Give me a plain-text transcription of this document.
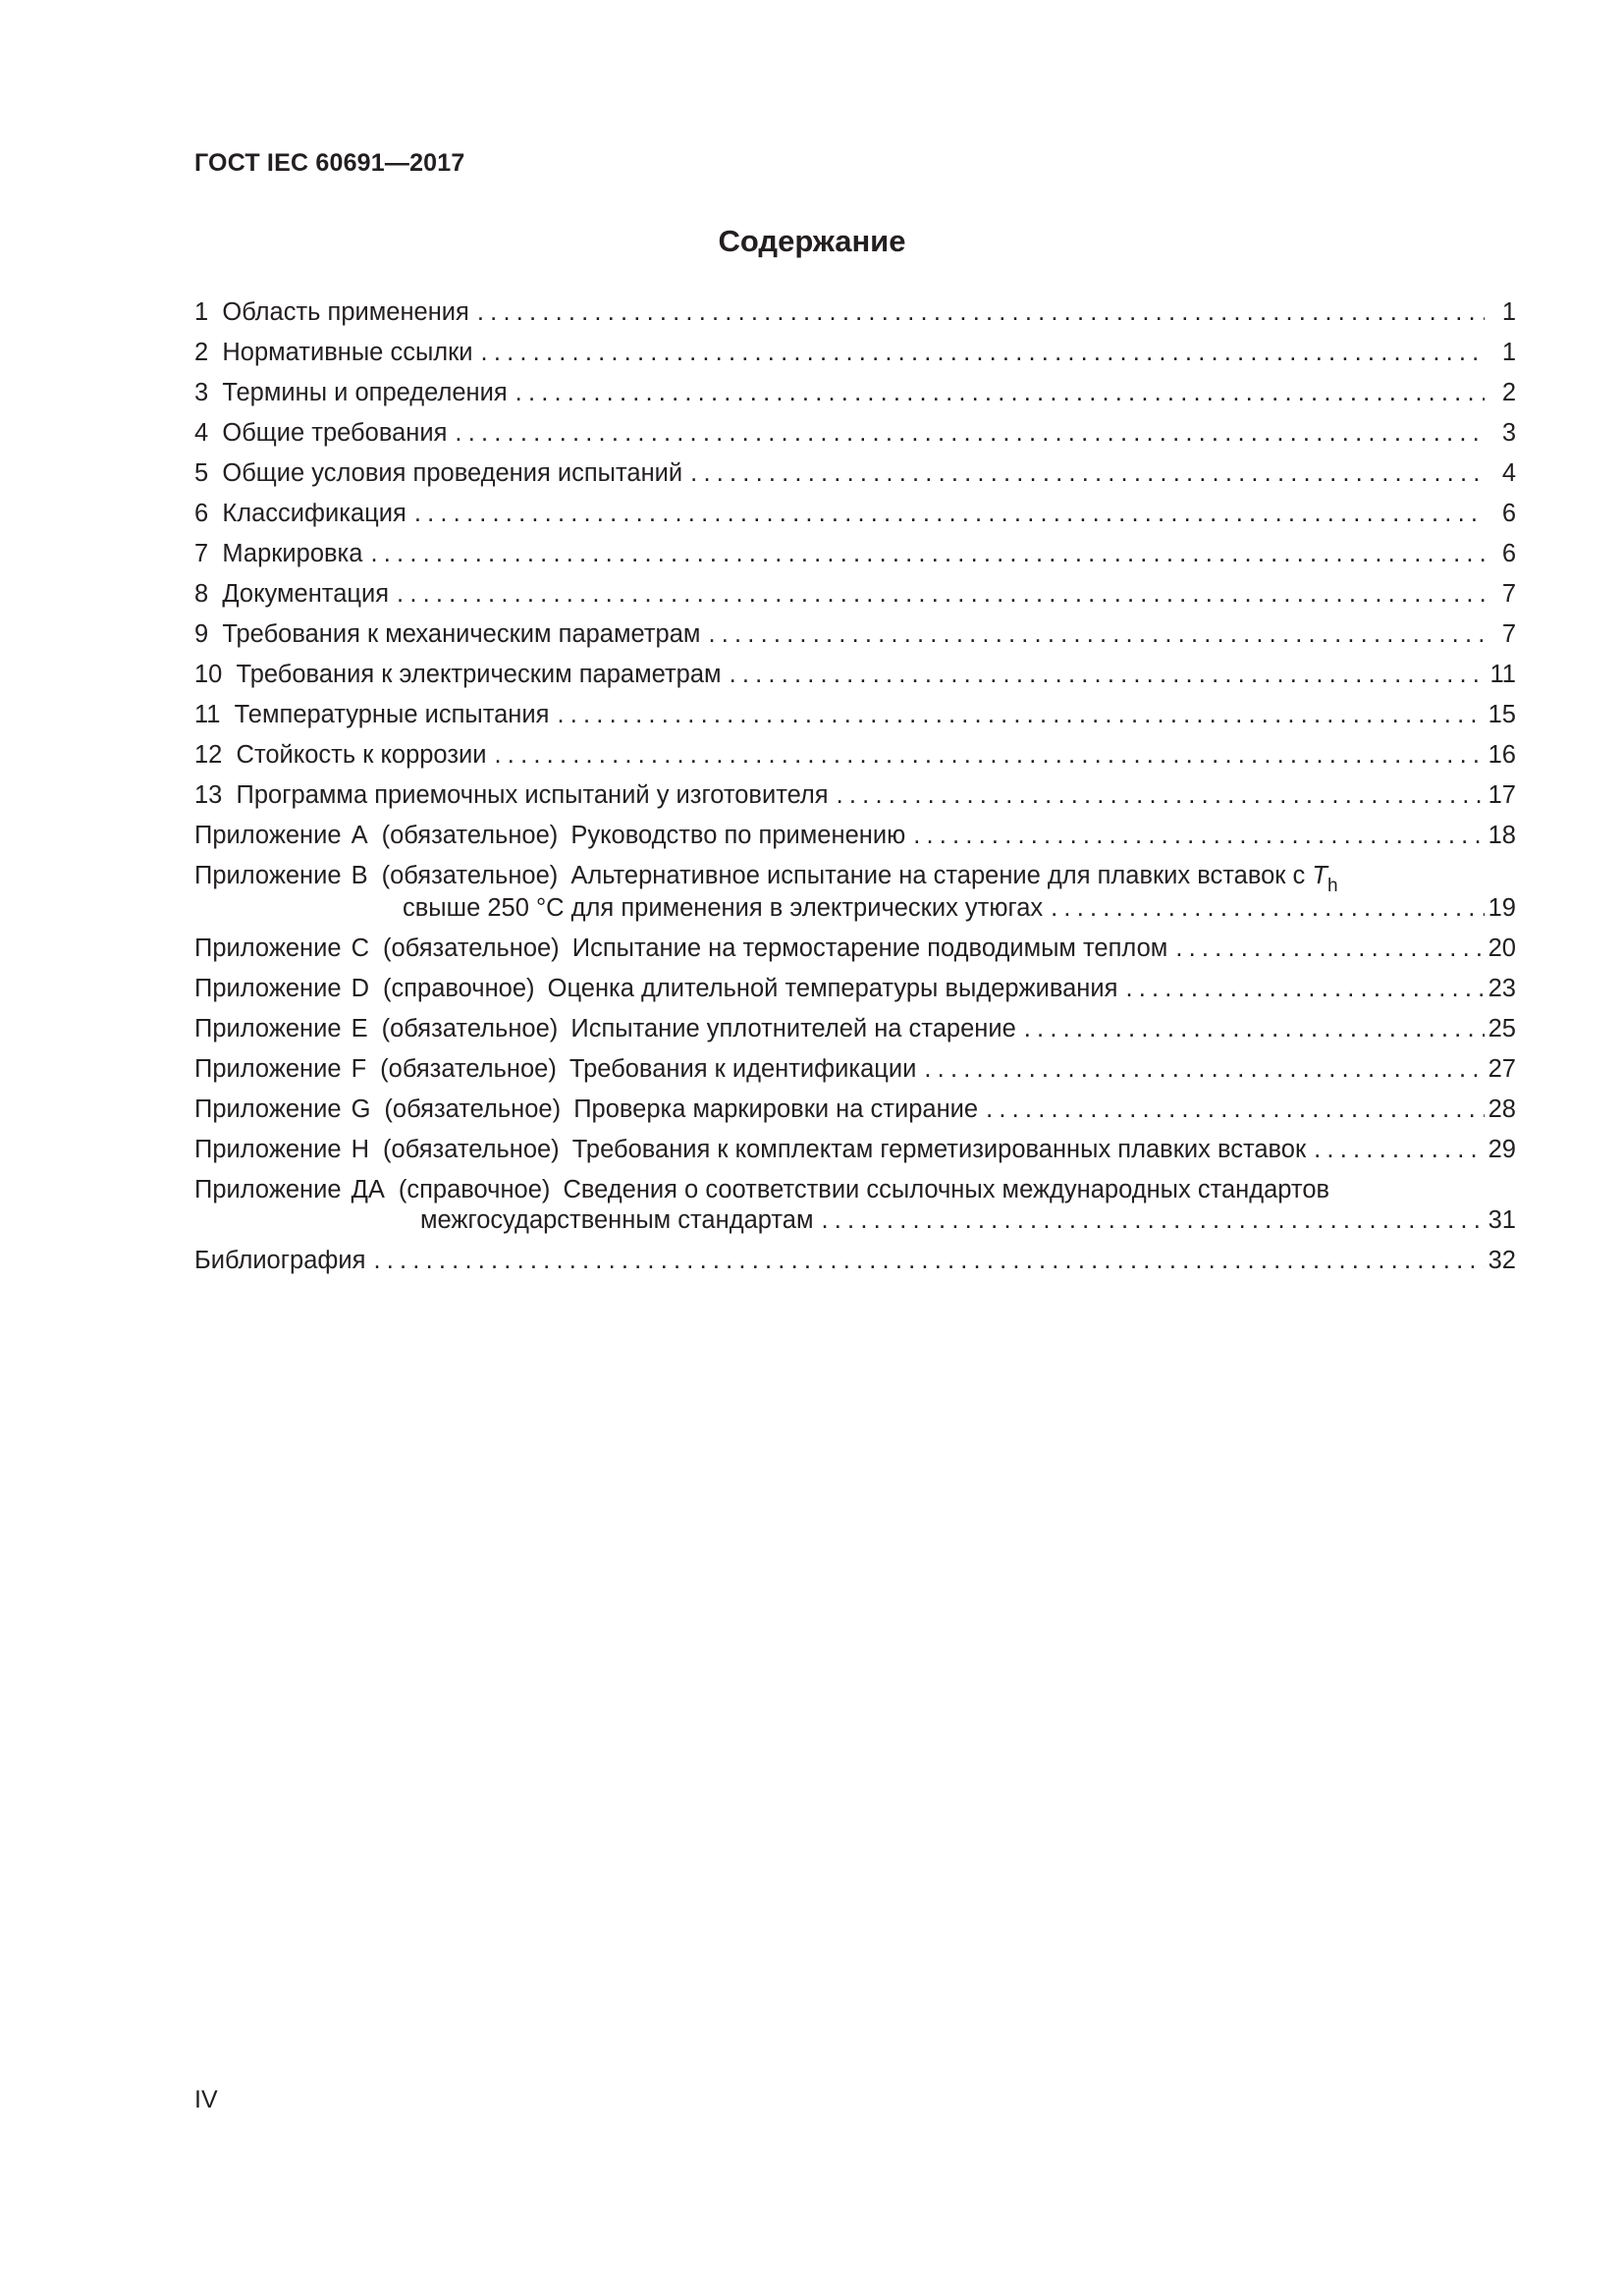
ГОСТ IEC 60691—2017
Содержание
1 Область применения .....	1
2 Нормативные ссылки .....	1
3 Термины и определения .....	2
4 Общие требования .....	3
5 Общие условия проведения испытаний .....	4
6 Классификация .....	6
7 Маркировка .....	6
8 Документация .....	7
9 Требования к механическим параметрам .....	7
10 Требования к электрическим параметрам .....	11
11 Температурные испытания .....	15
12 Стойкость к коррозии .....	16
13 Программа приемочных испытаний у изготовителя .....	17
Приложение A (обязательное) Руководство по применению .....	18
Приложение B (обязательное) Альтернативное испытание на старение для плавких вставок с $T_h$
свыше 250 °C для применения в электрических утюгах .....	19
Приложение C (обязательное) Испытание на термостарение подводимым теплом .....	20
Приложение D (справочное) Оценка длительной температуры выдерживания .....	23
Приложение E (обязательное) Испытание уплотнителей на старение .....	25
Приложение F (обязательное) Требования к идентификации .....	27
Приложение G (обязательное) Проверка маркировки на стирание .....	28
Приложение H (обязательное) Требования к комплектам герметизированных плавких вставок .....	29
Приложение ДА (справочное) Сведения о соответствии ссылочных международных стандартов
межгосударственным стандартам .....	31
Библиография .....	32
IV
